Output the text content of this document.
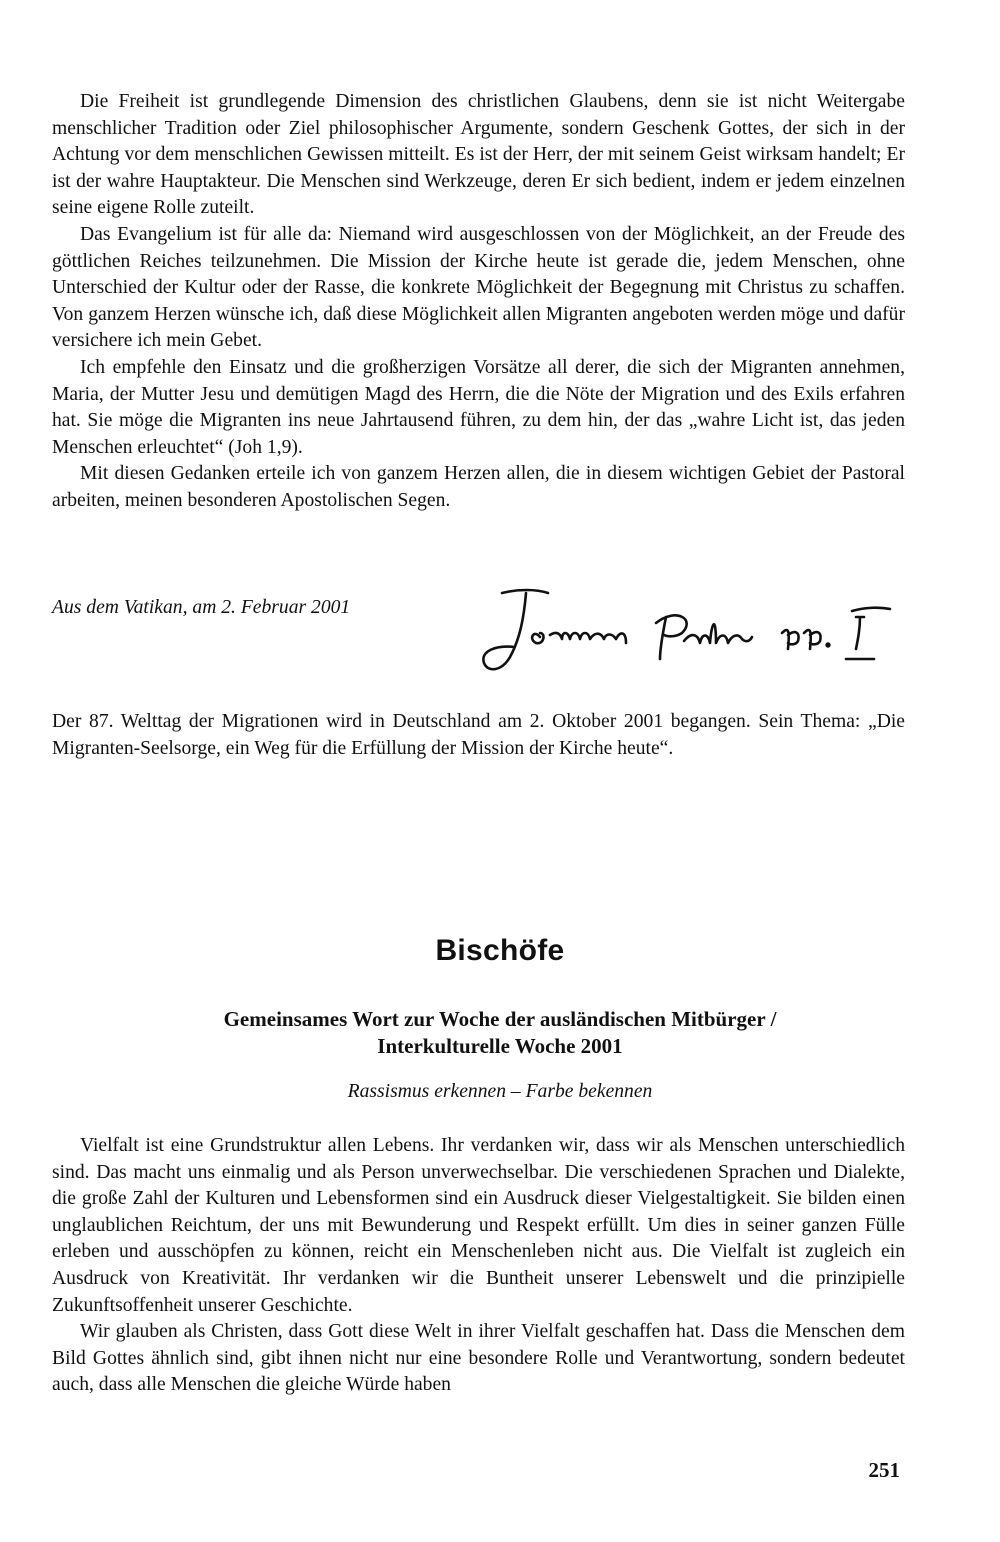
Die Freiheit ist grundlegende Dimension des christlichen Glaubens, denn sie ist nicht Weitergabe menschlicher Tradition oder Ziel philosophischer Argumente, sondern Geschenk Gottes, der sich in der Achtung vor dem menschlichen Gewissen mitteilt. Es ist der Herr, der mit seinem Geist wirksam handelt; Er ist der wahre Hauptakteur. Die Menschen sind Werkzeuge, deren Er sich bedient, indem er jedem einzelnen seine eigene Rolle zuteilt.

Das Evangelium ist für alle da: Niemand wird ausgeschlossen von der Möglichkeit, an der Freude des göttlichen Reiches teilzunehmen. Die Mission der Kirche heute ist gerade die, jedem Menschen, ohne Unterschied der Kultur oder der Rasse, die konkrete Möglichkeit der Begegnung mit Christus zu schaffen. Von ganzem Herzen wünsche ich, daß diese Möglichkeit allen Migranten angeboten werden möge und dafür versichere ich mein Gebet.

Ich empfehle den Einsatz und die großherzigen Vorsätze all derer, die sich der Migranten annehmen, Maria, der Mutter Jesu und demütigen Magd des Herrn, die die Nöte der Migration und des Exils erfahren hat. Sie möge die Migranten ins neue Jahrtausend führen, zu dem hin, der das „wahre Licht ist, das jeden Menschen erleuchtet“ (Joh 1,9).

Mit diesen Gedanken erteile ich von ganzem Herzen allen, die in diesem wichtigen Gebiet der Pastoral arbeiten, meinen besonderen Apostolischen Segen.

Aus dem Vatikan, am 2. Februar 2001

Der 87. Welttag der Migrationen wird in Deutschland am 2. Oktober 2001 begangen. Sein Thema: „Die Migranten-Seelsorge, ein Weg für die Erfüllung der Mission der Kirche heute“.

Bischöfe
Gemeinsames Wort zur Woche der ausländischen Mitbürger /
Interkulturelle Woche 2001
Rassismus erkennen – Farbe bekennen

Vielfalt ist eine Grundstruktur allen Lebens. Ihr verdanken wir, dass wir als Menschen unterschiedlich sind. Das macht uns einmalig und als Person unverwechselbar. Die verschiedenen Sprachen und Dialekte, die große Zahl der Kulturen und Lebensformen sind ein Ausdruck dieser Vielgestaltigkeit. Sie bilden einen unglaublichen Reichtum, der uns mit Bewunderung und Respekt erfüllt. Um dies in seiner ganzen Fülle erleben und ausschöpfen zu können, reicht ein Menschenleben nicht aus. Die Vielfalt ist zugleich ein Ausdruck von Kreativität. Ihr verdanken wir die Buntheit unserer Lebenswelt und die prinzipielle Zukunftsoffenheit unserer Geschichte.

Wir glauben als Christen, dass Gott diese Welt in ihrer Vielfalt geschaffen hat. Dass die Menschen dem Bild Gottes ähnlich sind, gibt ihnen nicht nur eine besondere Rolle und Verantwortung, sondern bedeutet auch, dass alle Menschen die gleiche Würde haben

251
